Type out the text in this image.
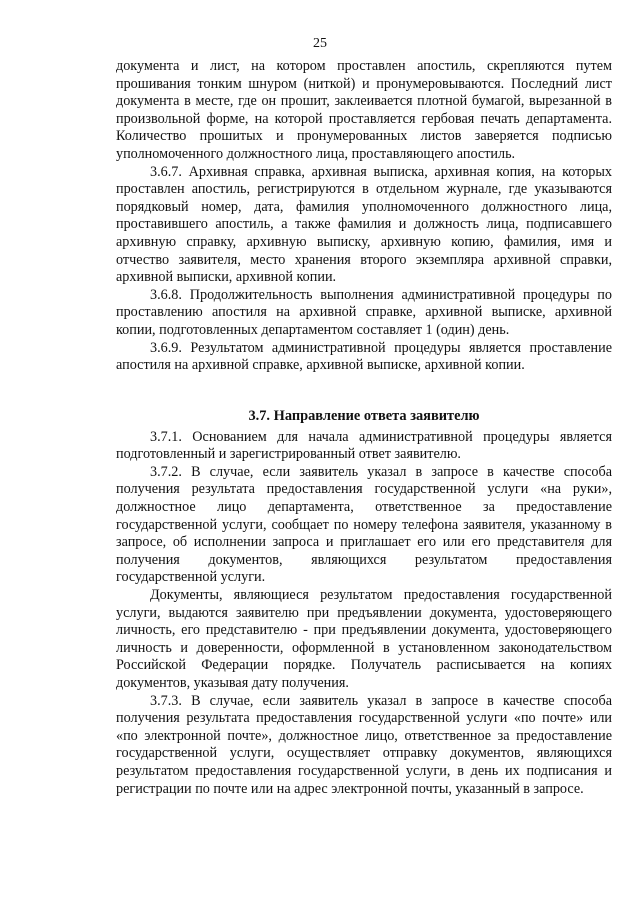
25

документа и лист, на котором проставлен апостиль, скрепляются путем прошивания тонким шнуром (ниткой) и пронумеровываются. Последний лист документа в месте, где он прошит, заклеивается плотной бумагой, вырезанной в произвольной форме, на которой проставляется гербовая печать департамента. Количество прошитых и пронумерованных листов заверяется подписью уполномоченного должностного лица, проставляющего апостиль.

3.6.7. Архивная справка, архивная выписка, архивная копия, на которых проставлен апостиль, регистрируются в отдельном журнале, где указываются порядковый номер, дата, фамилия уполномоченного должностного лица, проставившего апостиль, а также фамилия и должность лица, подписавшего архивную справку, архивную выписку, архивную копию, фамилия, имя и отчество заявителя, место хранения второго экземпляра архивной справки, архивной выписки, архивной копии.

3.6.8. Продолжительность выполнения административной процедуры по проставлению апостиля на архивной справке, архивной выписке, архивной копии, подготовленных департаментом составляет 1 (один) день.

3.6.9. Результатом административной процедуры является проставление апостиля на архивной справке, архивной выписке, архивной копии.

3.7. Направление ответа заявителю

3.7.1. Основанием для начала административной процедуры является подготовленный и зарегистрированный ответ заявителю.

3.7.2. В случае, если заявитель указал в запросе в качестве способа получения результата предоставления государственной услуги «на руки», должностное лицо департамента, ответственное за предоставление государственной услуги, сообщает по номеру телефона заявителя, указанному в запросе, об исполнении запроса и приглашает его или его представителя для получения документов, являющихся результатом предоставления государственной услуги.

Документы, являющиеся результатом предоставления государственной услуги, выдаются заявителю при предъявлении документа, удостоверяющего личность, его представителю - при предъявлении документа, удостоверяющего личность и доверенности, оформленной в установленном законодательством Российской Федерации порядке. Получатель расписывается на копиях документов, указывая дату получения.

3.7.3. В случае, если заявитель указал в запросе в качестве способа получения результата предоставления государственной услуги «по почте» или «по электронной почте», должностное лицо, ответственное за предоставление государственной услуги, осуществляет отправку документов, являющихся результатом предоставления государственной услуги, в день их подписания и регистрации по почте или на адрес электронной почты, указанный в запросе.
